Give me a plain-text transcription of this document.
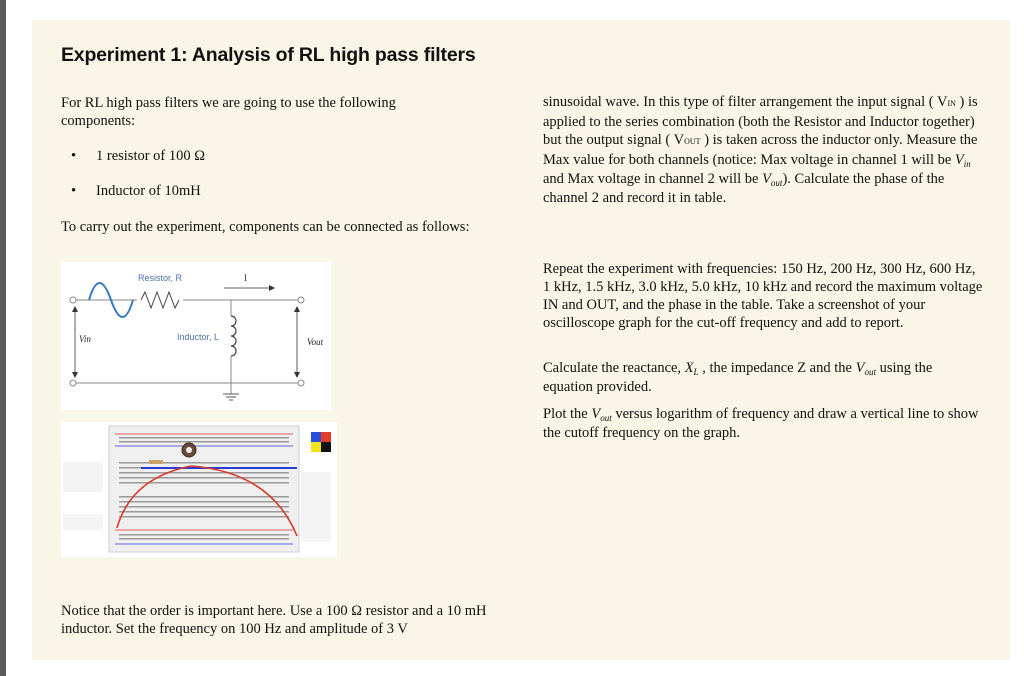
Experiment 1: Analysis of RL high pass filters

For RL high pass filters we are going to use the following components:

• 1 resistor of 100 Ω
• Inductor of 10mH

To carry out the experiment, components can be connected as follows:

Resistor, R	I
Inductor, L
Vin	Vout

Notice that the order is important here. Use a 100 Ω resistor and a 10 mH inductor. Set the frequency on 100 Hz and amplitude of 3 V

sinusoidal wave. In this type of filter arrangement the input signal ( VIN ) is applied to the series combination (both the Resistor and Inductor together) but the output signal ( VOUT ) is taken across the inductor only. Measure the Max value for both channels (notice: Max voltage in channel 1 will be $V_{in}$ and Max voltage in channel 2 will be $V_{out}$). Calculate the phase of the channel 2 and record it in table.

Repeat the experiment with frequencies: 150 Hz, 200 Hz, 300 Hz, 600 Hz, 1 kHz, 1.5 kHz, 3.0 kHz, 5.0 kHz, 10 kHz and record the maximum voltage IN and OUT, and the phase in the table. Take a screenshot of your oscilloscope graph for the cut-off frequency and add to report.

Calculate the reactance, $X_L$ , the impedance Z and the $V_{out}$ using the equation provided.

Plot the $V_{out}$ versus logarithm of frequency and draw a vertical line to show the cutoff frequency on the graph.
